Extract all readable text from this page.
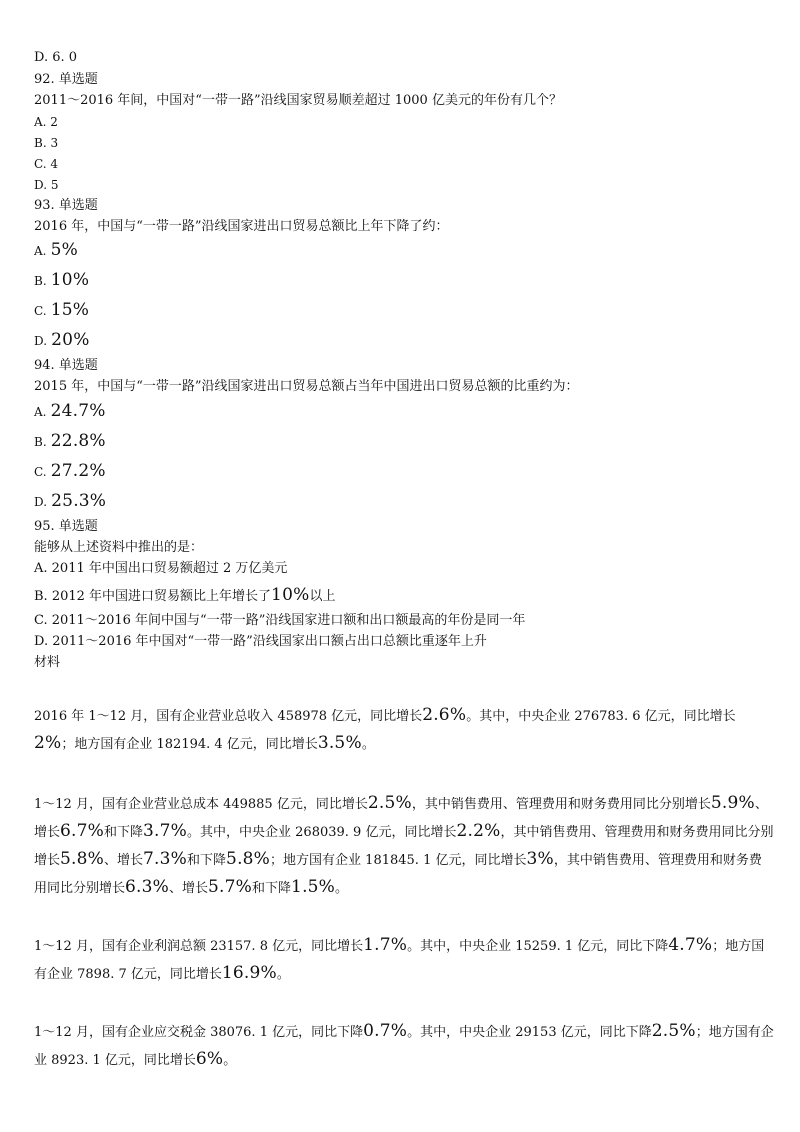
D. 6. 0
92. 单选题
2011～2016 年间，中国对“一带一路”沿线国家贸易顺差超过 1000 亿美元的年份有几个？
A. 2
B. 3
C. 4
D. 5
93. 单选题
2016 年，中国与“一带一路”沿线国家进出口贸易总额比上年下降了约：
A. 5%
B. 10%
C. 15%
D. 20%
94. 单选题
2015 年，中国与“一带一路”沿线国家进出口贸易总额占当年中国进出口贸易总额的比重约为：
A. 24.7%
B. 22.8%
C. 27.2%
D. 25.3%
95. 单选题
能够从上述资料中推出的是：
A. 2011 年中国出口贸易额超过 2 万亿美元
B. 2012 年中国进口贸易额比上年增长了10%以上
C. 2011～2016 年间中国与“一带一路”沿线国家进口额和出口额最高的年份是同一年
D. 2011～2016 年中国对“一带一路”沿线国家出口额占出口总额比重逐年上升
材料
2016 年 1～12 月，国有企业营业总收入 458978 亿元，同比增长2.6%。其中，中央企业 276783. 6 亿元，同比增长2%；地方国有企业 182194. 4 亿元，同比增长3.5%。
1～12 月，国有企业营业总成本 449885 亿元，同比增长2.5%，其中销售费用、管理费用和财务费用同比分别增长5.9%、增长6.7%和下降3.7%。其中，中央企业 268039. 9 亿元，同比增长2.2%，其中销售费用、管理费用和财务费用同比分别增长5.8%、增长7.3%和下降5.8%；地方国有企业 181845. 1 亿元，同比增长3%，其中销售费用、管理费用和财务费用同比分别增长6.3%、增长5.7%和下降1.5%。
1～12 月，国有企业利润总额 23157. 8 亿元，同比增长1.7%。其中，中央企业 15259. 1 亿元，同比下降4.7%；地方国有企业 7898. 7 亿元，同比增长16.9%。
1～12 月，国有企业应交税金 38076. 1 亿元，同比下降0.7%。其中，中央企业 29153 亿元，同比下降2.5%；地方国有企业 8923. 1 亿元，同比增长6%。
